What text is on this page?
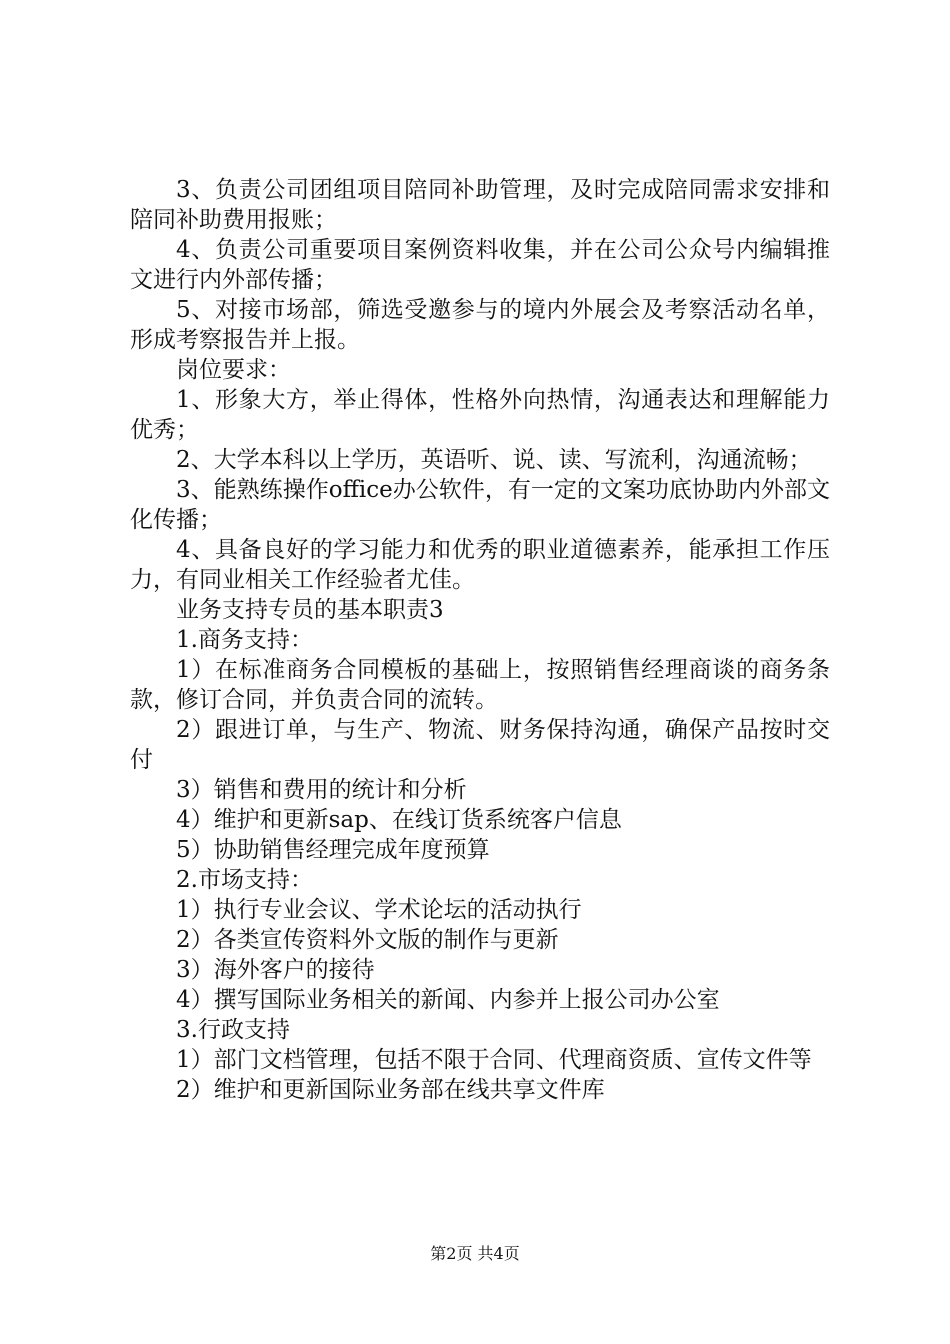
3、负责公司团组项目陪同补助管理，及时完成陪同需求安排和陪同补助费用报账；

4、负责公司重要项目案例资料收集，并在公司公众号内编辑推文进行内外部传播；

5、对接市场部，筛选受邀参与的境内外展会及考察活动名单，形成考察报告并上报。

岗位要求：

1、形象大方，举止得体，性格外向热情，沟通表达和理解能力优秀；

2、大学本科以上学历，英语听、说、读、写流利，沟通流畅；

3、能熟练操作office办公软件，有一定的文案功底协助内外部文化传播；

4、具备良好的学习能力和优秀的职业道德素养，能承担工作压力，有同业相关工作经验者尤佳。

业务支持专员的基本职责3

1.商务支持：

1）在标准商务合同模板的基础上，按照销售经理商谈的商务条款，修订合同，并负责合同的流转。

2）跟进订单，与生产、物流、财务保持沟通，确保产品按时交付

3）销售和费用的统计和分析

4）维护和更新sap、在线订货系统客户信息

5）协助销售经理完成年度预算

2.市场支持：

1）执行专业会议、学术论坛的活动执行

2）各类宣传资料外文版的制作与更新

3）海外客户的接待

4）撰写国际业务相关的新闻、内参并上报公司办公室

3.行政支持

1）部门文档管理，包括不限于合同、代理商资质、宣传文件等

2）维护和更新国际业务部在线共享文件库

第2页 共4页
